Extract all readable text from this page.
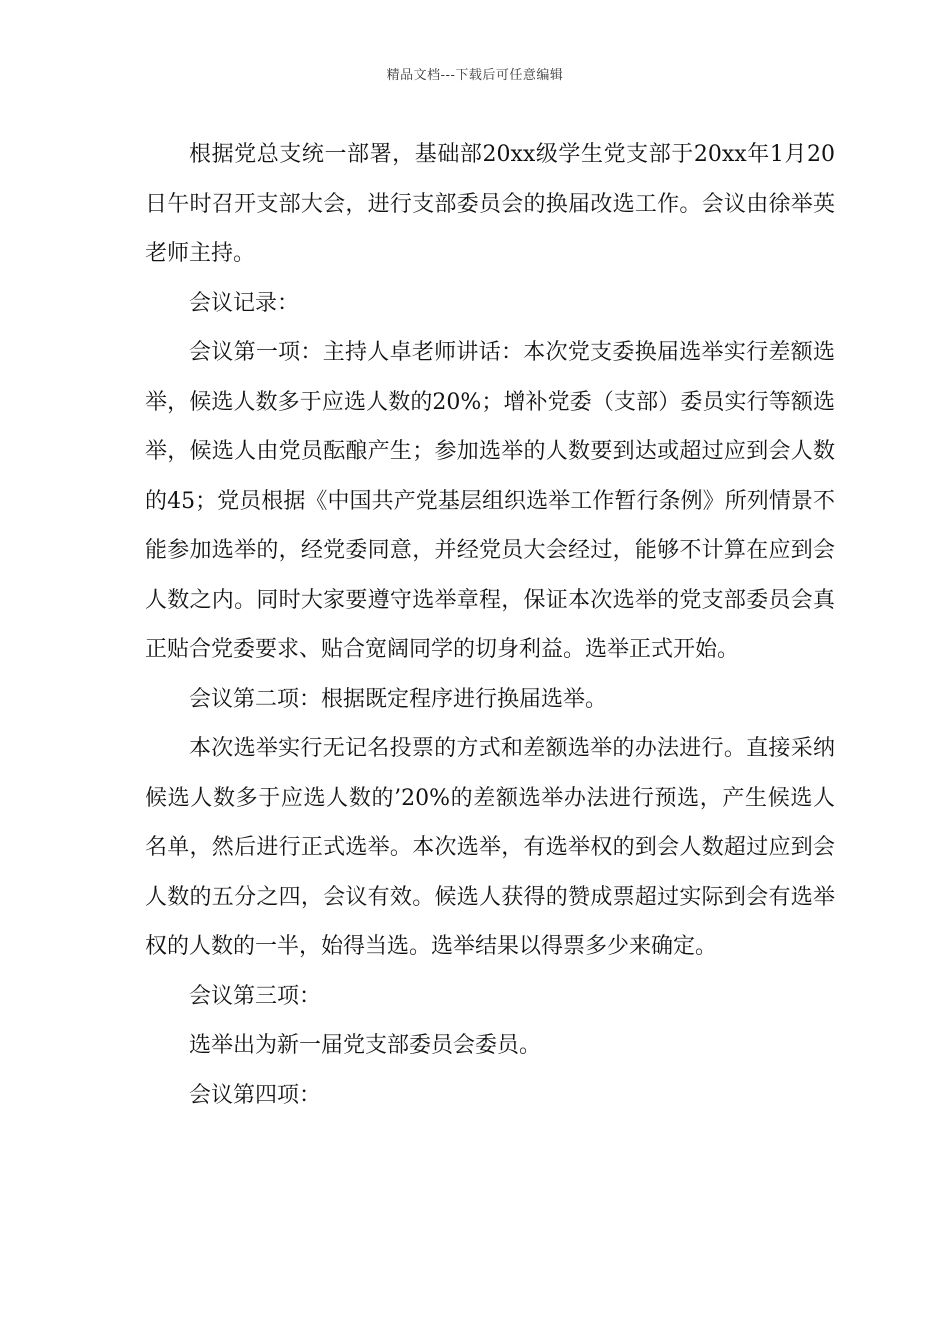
精品文档---下载后可任意编辑

根据党总支统一部署，基础部20xx级学生党支部于20xx年1月20日午时召开支部大会，进行支部委员会的换届改选工作。会议由徐举英老师主持。

会议记录：

会议第一项：主持人卓老师讲话：本次党支委换届选举实行差额选举，候选人数多于应选人数的20%；增补党委（支部）委员实行等额选举，候选人由党员酝酿产生；参加选举的人数要到达或超过应到会人数的45；党员根据《中国共产党基层组织选举工作暂行条例》所列情景不能参加选举的，经党委同意，并经党员大会经过，能够不计算在应到会人数之内。同时大家要遵守选举章程，保证本次选举的党支部委员会真正贴合党委要求、贴合宽阔同学的切身利益。选举正式开始。

会议第二项：根据既定程序进行换届选举。

本次选举实行无记名投票的方式和差额选举的办法进行。直接采纳候选人数多于应选人数的’20%的差额选举办法进行预选，产生候选人名单，然后进行正式选举。本次选举，有选举权的到会人数超过应到会人数的五分之四，会议有效。候选人获得的赞成票超过实际到会有选举权的人数的一半，始得当选。选举结果以得票多少来确定。

会议第三项：

选举出为新一届党支部委员会委员。

会议第四项：
